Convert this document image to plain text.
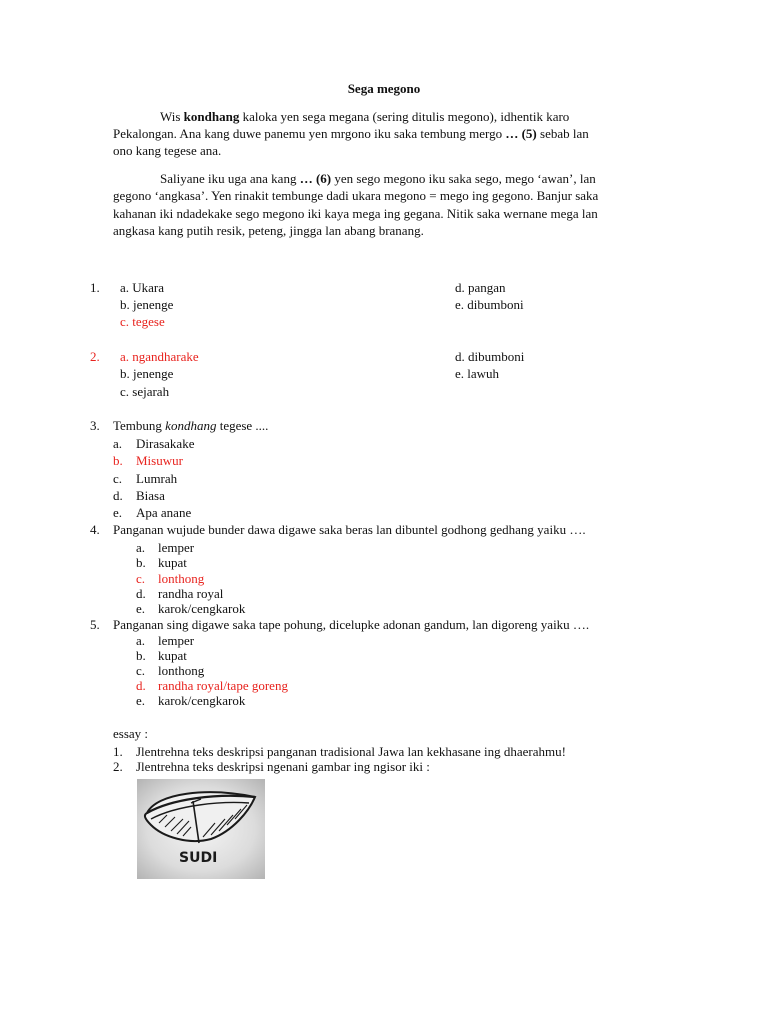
Sega megono
Wis kondhang kaloka yen sega megana (sering ditulis megono), idhentik karo
Pekalongan. Ana kang duwe panemu yen mrgono iku saka tembung mergo … (5) sebab lan
ono kang tegese ana.
Saliyane iku uga ana kang … (6) yen sego megono iku saka sego, mego ‘awan’, lan
gegono ‘angkasa’. Yen rinakit tembunge dadi ukara megono = mego ing gegono. Banjur saka
kahanan iki ndadekake sego megono iki kaya mega ing gegana. Nitik saka wernane mega lan
angkasa kang putih resik, peteng, jingga lan abang branang.
1. a. Ukara
b. jenenge
c. tegese
d. pangan
e. dibumboni
2. a. ngandharake
b. jenenge
c. sejarah
d. dibumboni
e. lawuh
3. Tembung kondhang tegese ....
a. Dirasakake
b. Misuwur
c. Lumrah
d. Biasa
e. Apa anane
4. Panganan wujude bunder dawa digawe saka beras lan dibuntel godhong gedhang yaiku ….
a. lemper
b. kupat
c. lonthong
d. randha royal
e. karok/cengkarok
5. Panganan sing digawe saka tape pohung, dicelupke adonan gandum, lan digoreng yaiku ….
a. lemper
b. kupat
c. lonthong
d. randha royal/tape goreng
e. karok/cengkarok
essay :
1. Jlentrehna teks deskripsi panganan tradisional Jawa lan kekhasane ing dhaerahmu!
2. Jlentrehna teks deskripsi ngenani gambar ing ngisor iki :
SUDI
